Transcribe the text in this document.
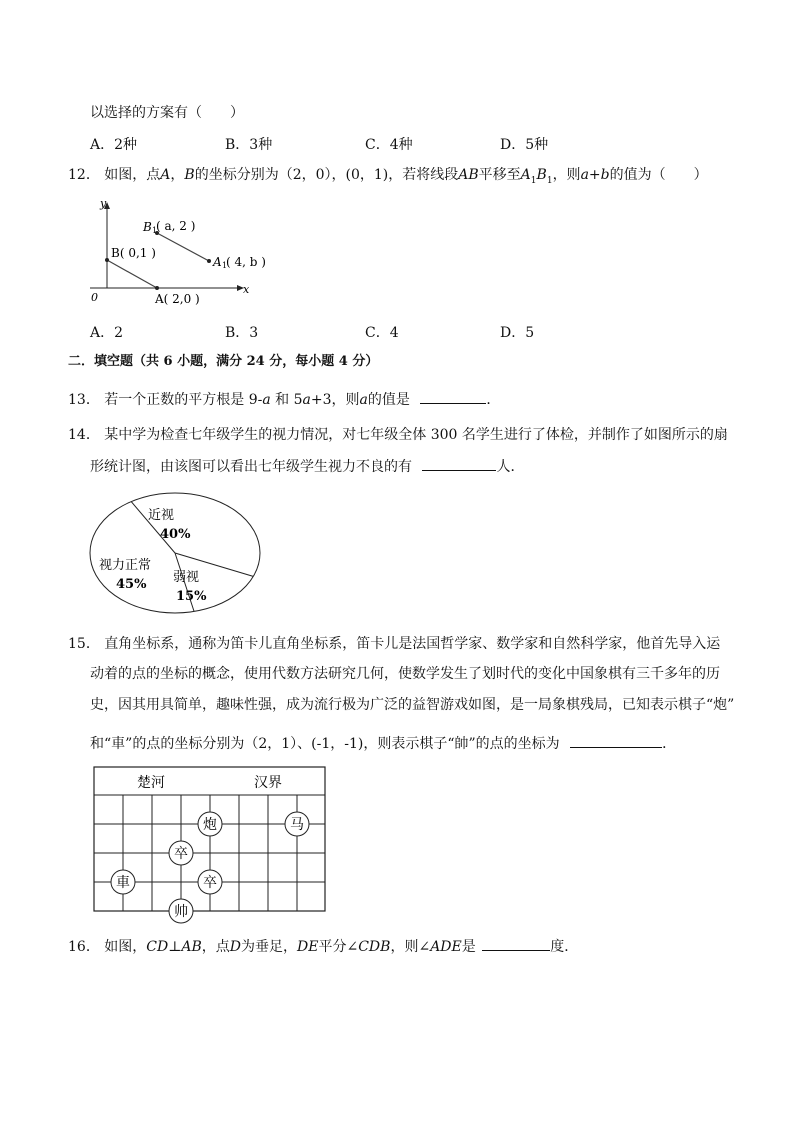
以选择的方案有（　　）
A．2种	B．3种	C．4种	D．5种
12． 如图，点A，B的坐标分别为（2，0），(0，1)，若将线段AB平移至$A_1B_1$，则a+b的值为（　　）
y
x
0
B( 0,1 )
A( 2,0 )
B 1
( a, 2 )
A 1
( 4, b )
A．2	B．3	C．4	D．5
二．填空题（共 6 小题，满分 24 分，每小题 4 分）
13． 若一个正数的平方根是 9-a 和 5a+3，则a的值是	．
14． 某中学为检查七年级学生的视力情况，对七年级全体 300 名学生进行了体检，并制作了如图所示的扇
形统计图，由该图可以看出七年级学生视力不良的有	人．
近视
40%
弱视
15%
视力正常
45%
15． 直角坐标系，通称为笛卡儿直角坐标系，笛卡儿是法国哲学家、数学家和自然科学家，他首先导入运
动着的点的坐标的概念，使用代数方法研究几何，使数学发生了划时代的变化中国象棋有三千多年的历
史，因其用具简单，趣味性强，成为流行极为广泛的益智游戏如图，是一局象棋残局，已知表示棋子“炮”
和“車”的点的坐标分别为（2，1）、(-1，-1)，则表示棋子“帥”的点的坐标为	．
楚河	汉界
炮	马
卒
車	卒
帅
16． 如图，CD⊥AB，点D为垂足，DE平分∠CDB，则∠ADE是	度．
